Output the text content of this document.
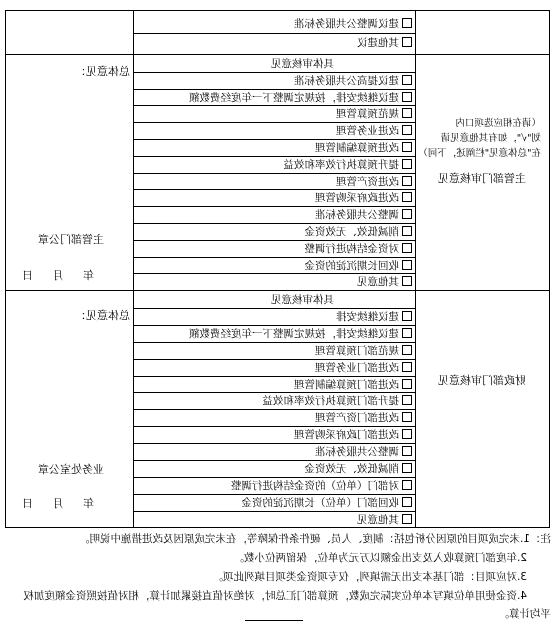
建议调整公共服务标准
其他建议
主管部门审核意见
（请在相应选项口内划"√"，如有其他意见请在"总体意见"栏阐述，下同）
总体意见：
主管部门公章
年 月 日
具体审核意见
建议提高公共服务标准
建议继续安排，按规定调整下一年度经费数额
规范预算管理
改进业务管理
改进预算编制管理
提升预算执行效率和效益
改进资产管理
改进政府采购管理
调整公共服务标准
削减低效、无效资金
对资金结构进行调整
收回长期沉淀的资金
其他意见
财政部门审核意见
总体意见：
业务处室公章
年 月 日
具体审核意见
建议继续安排
建议继续安排，按规定调整下一年度经费数额
规范部门预算管理
改进部门业务管理
改进部门预算编制管理
提升部门预算执行效率和效益
改进部门资产管理
改进部门政府采购管理
调整公共服务标准
削减低效、无效资金
对部门（单位）的资金结构进行调整
收回部门（单位）长期沉淀的资金
其他意见
注：1.未完成项目的原因分析包括：制度、人员、硬件条件保障等，在未完成原因及改进措施中说明。
2.年度部门预算收入及支出金额以万元为单位，保留两位小数。
3.对应项目：部门基本支出无需填列，仅专项资金类项目填列此项。
4.资金使用单位填写本单位实际完成数，预算部门汇总时，对绝对值直接累加计算，相对值按照资金额度加权
平均计算。
